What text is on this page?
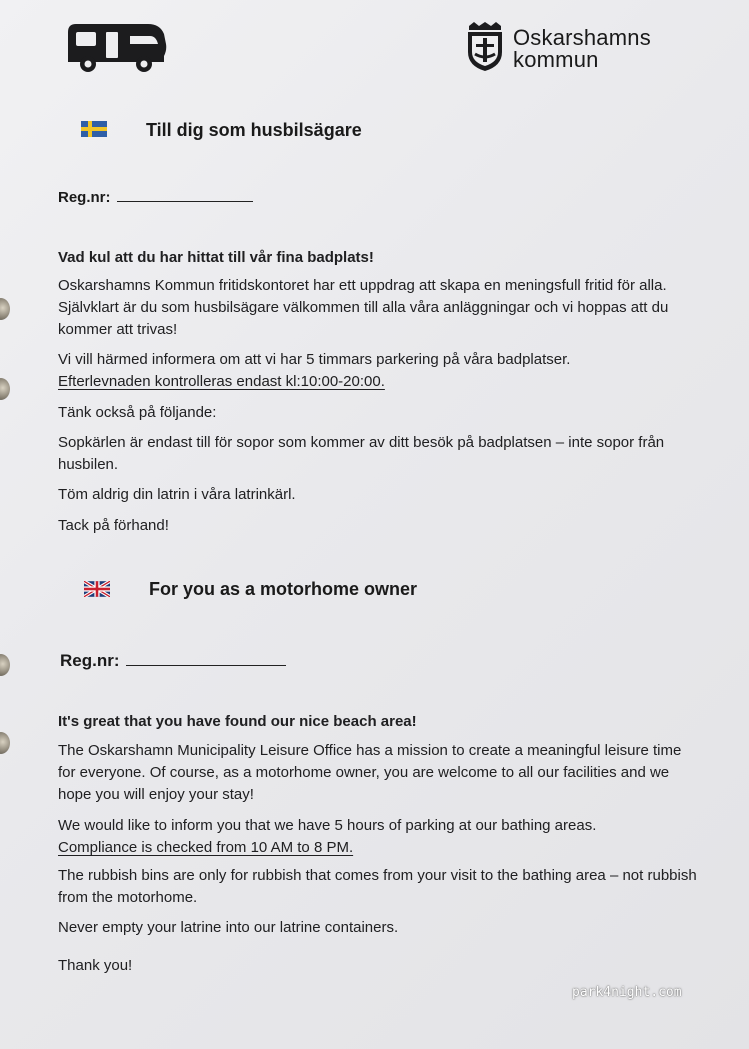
Oskarshamns
kommun
Till dig som husbilsägare
Reg.nr:
Vad kul att du har hittat till vår fina badplats!
Oskarshamns Kommun fritidskontoret har ett uppdrag att skapa en meningsfull fritid för alla. Självklart är du som husbilsägare välkommen till alla våra anläggningar och vi hoppas att du kommer att trivas!
Vi vill härmed informera om att vi har 5 timmars parkering på våra badplatser.
Efterlevnaden kontrolleras endast kl:10:00-20:00.
Tänk också på följande:
Sopkärlen är endast till för sopor som kommer av ditt besök på badplatsen – inte sopor från husbilen.
Töm aldrig din latrin i våra latrinkärl.
Tack på förhand!
For you as a motorhome owner
Reg.nr:
It's great that you have found our nice beach area!
The Oskarshamn Municipality Leisure Office has a mission to create a meaningful leisure time for everyone. Of course, as a motorhome owner, you are welcome to all our facilities and we hope you will enjoy your stay!
We would like to inform you that we have 5 hours of parking at our bathing areas.
Compliance is checked from 10 AM to 8 PM.
The rubbish bins are only for rubbish that comes from your visit to the bathing area – not rubbish from the motorhome.
Never empty your latrine into our latrine containers.
Thank you!
park4night.com
